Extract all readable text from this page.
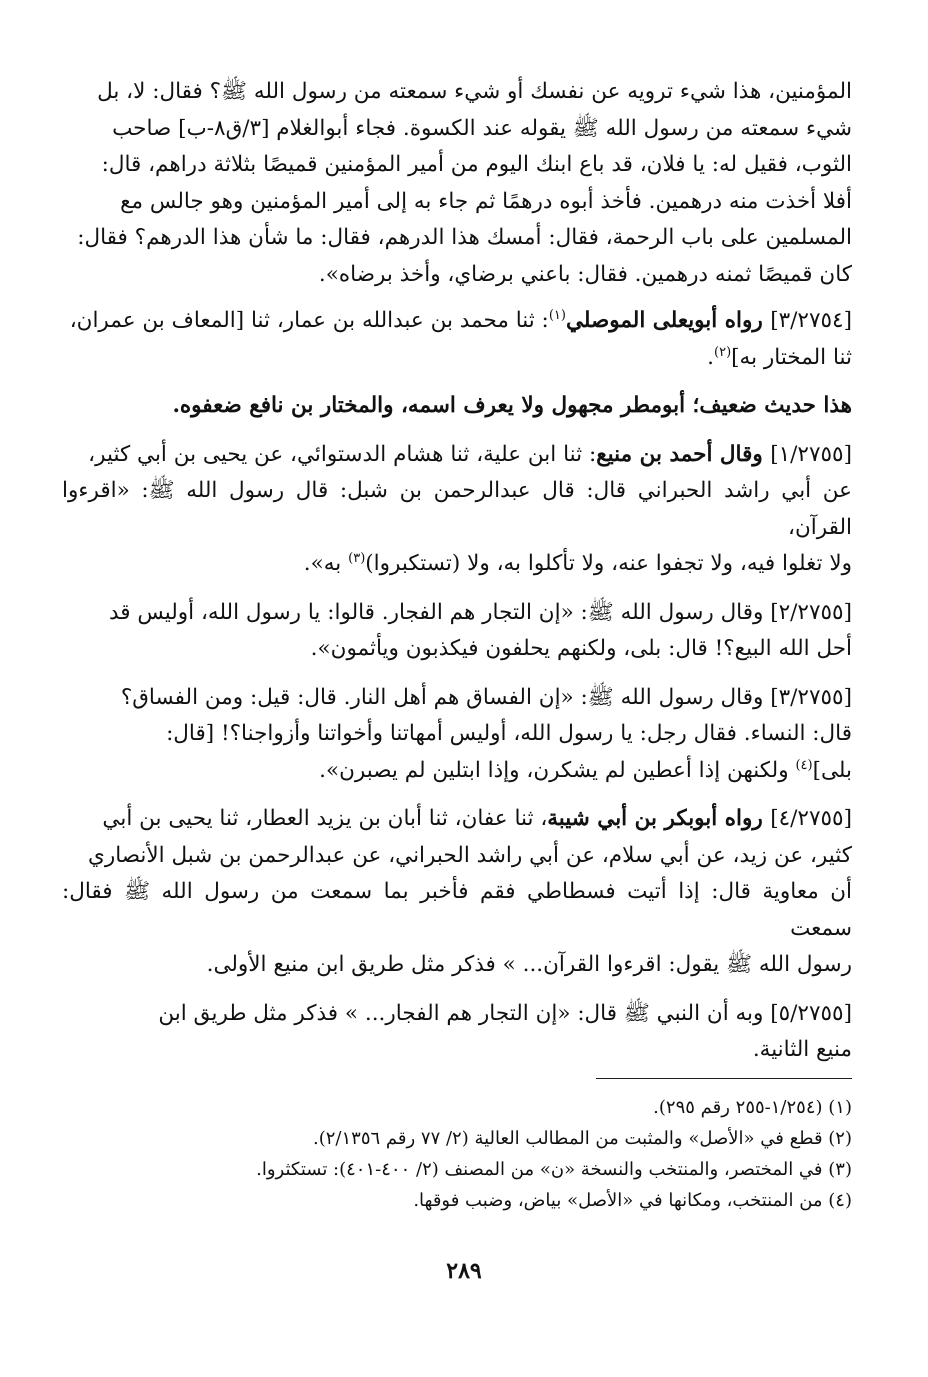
المؤمنين، هذا شيء ترويه عن نفسك أو شيء سمعته من رسول الله ﷺ؟ فقال: لا، بل
شيء سمعته من رسول الله ﷺ يقوله عند الكسوة. فجاء أبوالغلام [٣/ق٨-ب] صاحب
الثوب، فقيل له: يا فلان، قد باع ابنك اليوم من أمير المؤمنين قميصًا بثلاثة دراهم، قال:
أفلا أخذت منه درهمين. فأخذ أبوه درهمًا ثم جاء به إلى أمير المؤمنين وهو جالس مع
المسلمين على باب الرحمة، فقال: أمسك هذا الدرهم، فقال: ما شأن هذا الدرهم؟ فقال:
كان قميصًا ثمنه درهمين. فقال: باعني برضاي، وأخذ برضاه».
[٣/٢٧٥٤] رواه أبويعلى الموصلي$^{(١)}$: ثنا محمد بن عبدالله بن عمار، ثنا [المعاف بن عمران،
ثنا المختار به]$^{(٢)}$.
هذا حديث ضعيف؛ أبومطر مجهول ولا يعرف اسمه، والمختار بن نافع ضعفوه.
[١/٢٧٥٥] وقال أحمد بن منيع: ثنا ابن علية، ثنا هشام الدستوائي، عن يحيى بن أبي كثير،
عن أبي راشد الحبراني قال: قال عبدالرحمن بن شبل: قال رسول الله ﷺ: «اقرءوا القرآن،
ولا تغلوا فيه، ولا تجفوا عنه، ولا تأكلوا به، ولا (تستكبروا)$^{(٣)}$ به».
[٢/٢٧٥٥] وقال رسول الله ﷺ: «إن التجار هم الفجار. قالوا: يا رسول الله، أوليس قد
أحل الله البيع؟! قال: بلى، ولكنهم يحلفون فيكذبون ويأثمون».
[٣/٢٧٥٥] وقال رسول الله ﷺ: «إن الفساق هم أهل النار. قال: قيل: ومن الفساق؟
قال: النساء. فقال رجل: يا رسول الله، أوليس أمهاتنا وأخواتنا وأزواجنا؟! [قال:
بلى]$^{(٤)}$ ولكنهن إذا أعطين لم يشكرن، وإذا ابتلين لم يصبرن».
[٤/٢٧٥٥] رواه أبوبكر بن أبي شيبة، ثنا عفان، ثنا أبان بن يزيد العطار، ثنا يحيى بن أبي
كثير، عن زيد، عن أبي سلام، عن أبي راشد الحبراني، عن عبدالرحمن بن شبل الأنصاري
أن معاوية قال: إذا أتيت فسطاطي فقم فأخبر بما سمعت من رسول الله ﷺ فقال: سمعت
رسول الله ﷺ يقول: اقرءوا القرآن... » فذكر مثل طريق ابن منيع الأولى.
[٥/٢٧٥٥] وبه أن النبي ﷺ قال: «إن التجار هم الفجار... » فذكر مثل طريق ابن
منيع الثانية.
(١) (١/٢٥٤-٢٥٥ رقم ٢٩٥).
(٢) قطع في «الأصل» والمثبت من المطالب العالية (٢/ ٧٧ رقم ٢/١٣٥٦).
(٣) في المختصر، والمنتخب والنسخة «ن» من المصنف (٢/ ٤٠٠-٤٠١): تستكثروا.
(٤) من المنتخب، ومكانها في «الأصل» بياض، وضبب فوقها.
٢٨٩
